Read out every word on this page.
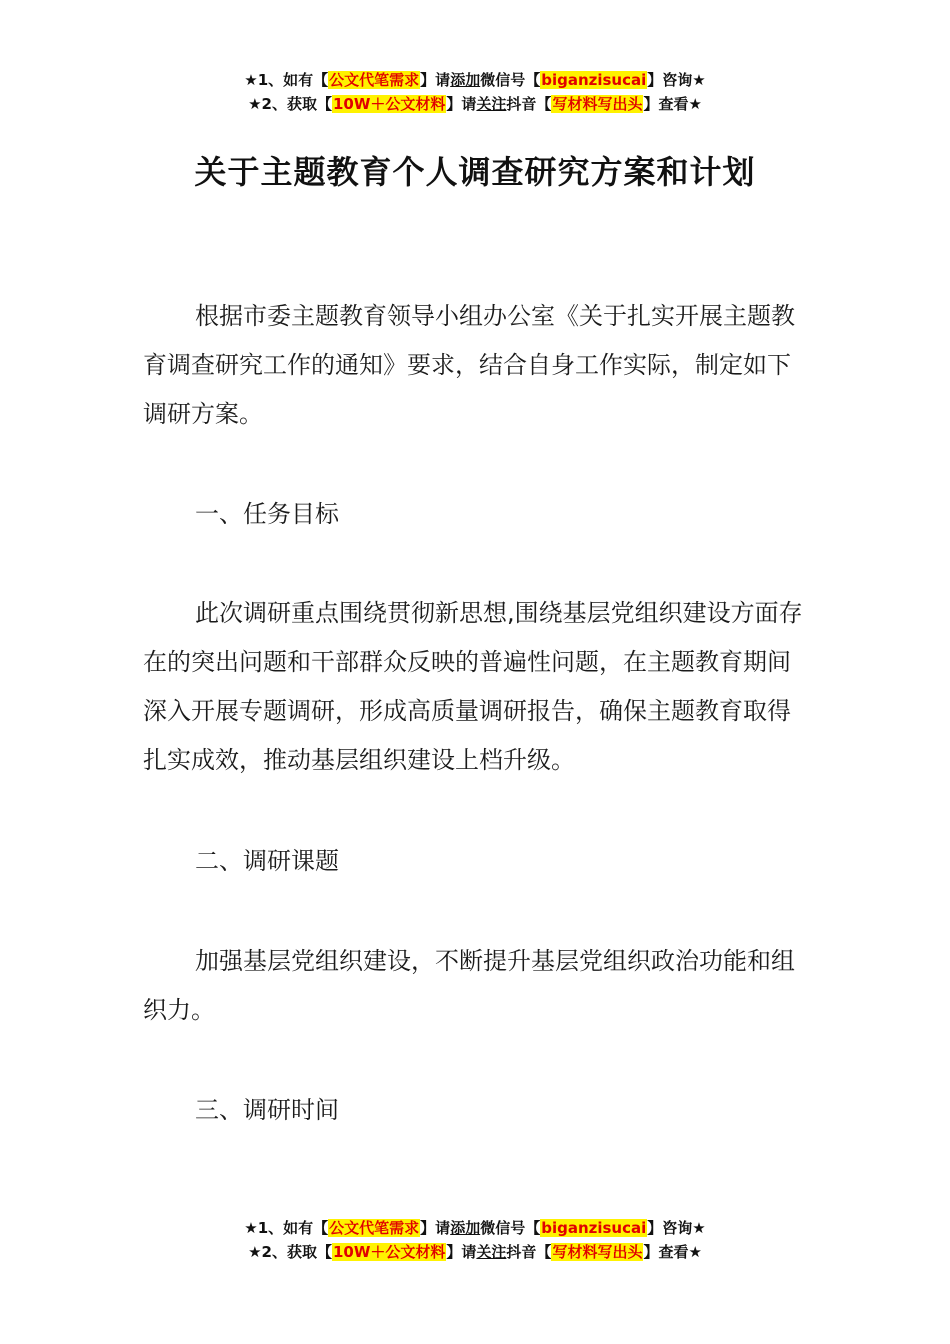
★1、如有【公文代笔需求】请添加微信号【biganzisucai】咨询★
★2、获取【10W＋公文材料】请关注抖音【写材料写出头】查看★
关于主题教育个人调查研究方案和计划

根据市委主题教育领导小组办公室《关于扎实开展主题教育调查研究工作的通知》要求，结合自身工作实际，制定如下调研方案。

一、任务目标

此次调研重点围绕贯彻新思想,围绕基层党组织建设方面存在的突出问题和干部群众反映的普遍性问题，在主题教育期间深入开展专题调研，形成高质量调研报告，确保主题教育取得扎实成效，推动基层组织建设上档升级。

二、调研课题

加强基层党组织建设，不断提升基层党组织政治功能和组织力。

三、调研时间

★1、如有【公文代笔需求】请添加微信号【biganzisucai】咨询★
★2、获取【10W＋公文材料】请关注抖音【写材料写出头】查看★
